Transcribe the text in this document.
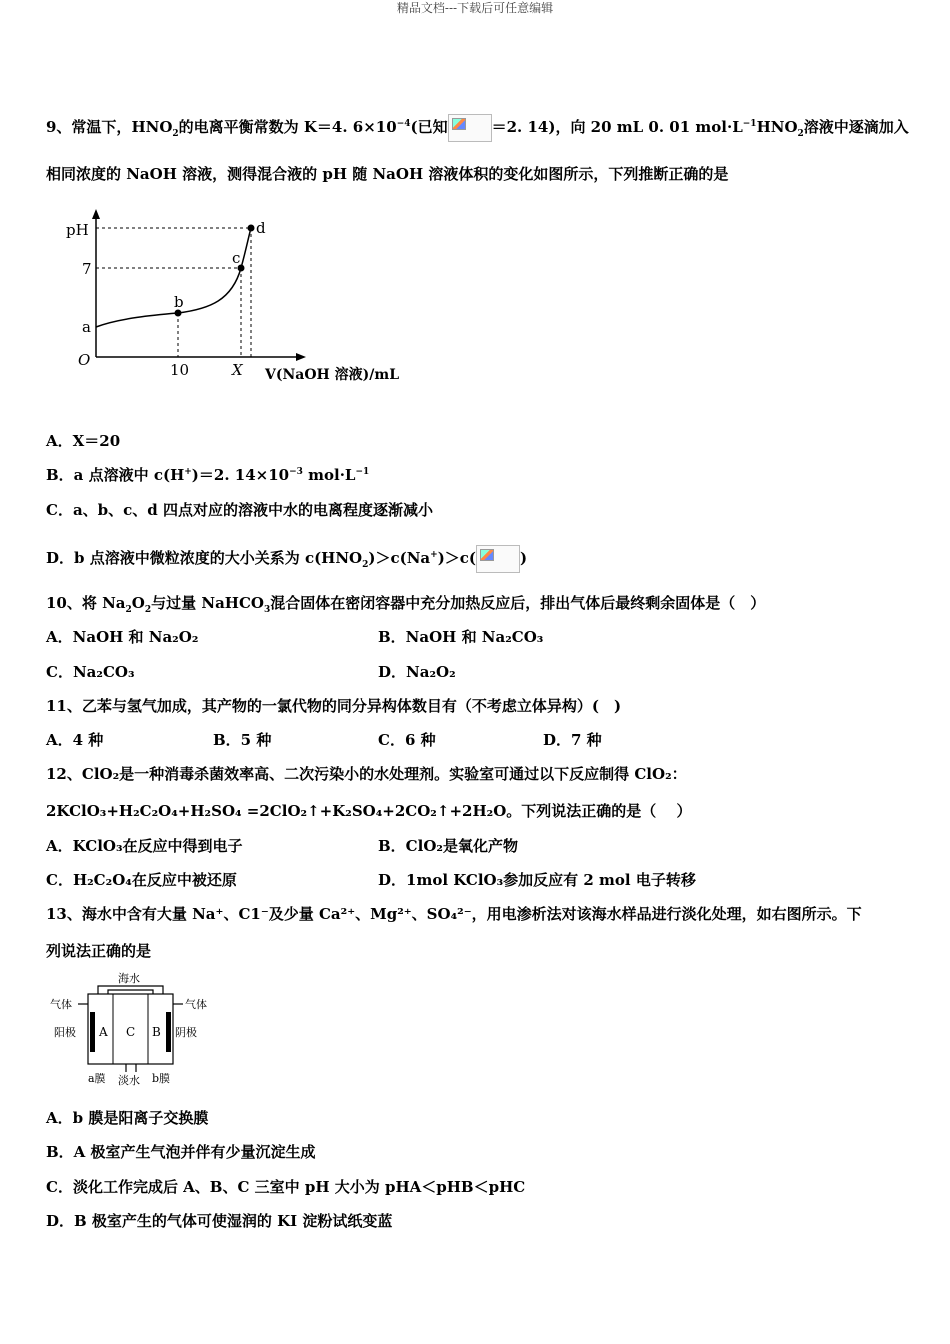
精品文档---下载后可任意编辑
9、常温下，$HNO_2$的电离平衡常数为 K＝4. $6\times 10^{-4}$(已知	＝2. 14)，向 20 mL 0. 01 $mol\cdot L^{-1}HNO_2$溶液中逐滴加入
相同浓度的 NaOH 溶液，测得混合液的 pH 随 NaOH 溶液体积的变化如图所示，下列推断正确的是
pH
7
a
O
b
c
d
10	X V(NaOH 溶液)/mL
A．X＝20
B．a 点溶液中 c(H+)＝2. $14\times 10^{-3}$ $mol\cdot L^{-1}$
C．a、b、c、d 四点对应的溶液中水的电离程度逐渐减小
D．b 点溶液中微粒浓度的大小关系为 $c(HNO_2)>c(Na^+)>c$(	)
10、将 $Na_2O_2$与过量 NaHCO$_3$混合固体在密闭容器中充分加热反应后，排出气体后最终剩余固体是（　）
A．NaOH 和 Na₂O₂	B．NaOH 和 Na₂CO₃
C．Na₂CO₃	D．Na₂O₂
11、乙苯与氢气加成，其产物的一氯代物的同分异构体数目有（不考虑立体异构）(　)
A．4 种	B．5 种	C．6 种	D．7 种
12、ClO₂是一种消毒杀菌效率高、二次污染小的水处理剂。实验室可通过以下反应制得 ClO₂：
2KClO₃+H₂C₂O₄+H₂SO₄ =2ClO₂↑+K₂SO₄+2CO₂↑+2H₂O。下列说法正确的是（　 ）
A．KClO₃在反应中得到电子	B．ClO₂是氧化产物
C．H₂C₂O₄在反应中被还原	D．1mol KClO₃参加反应有 2 mol 电子转移
13、海水中含有大量 Na⁺、C1⁻及少量 Ca²⁺、Mg²⁺、SO₄²⁻，用电渗析法对该海水样品进行淡化处理，如右图所示。下
列说法正确的是
海水
气体	气体
阳极	阴极
A C B
a膜 淡水 b膜
A．b 膜是阳离子交换膜
B．A 极室产生气泡并伴有少量沉淀生成
C．淡化工作完成后 A、B、C 三室中 pH 大小为 pHA＜pHB＜pHC
D．B 极室产生的气体可使湿润的 KI 淀粉试纸变蓝
